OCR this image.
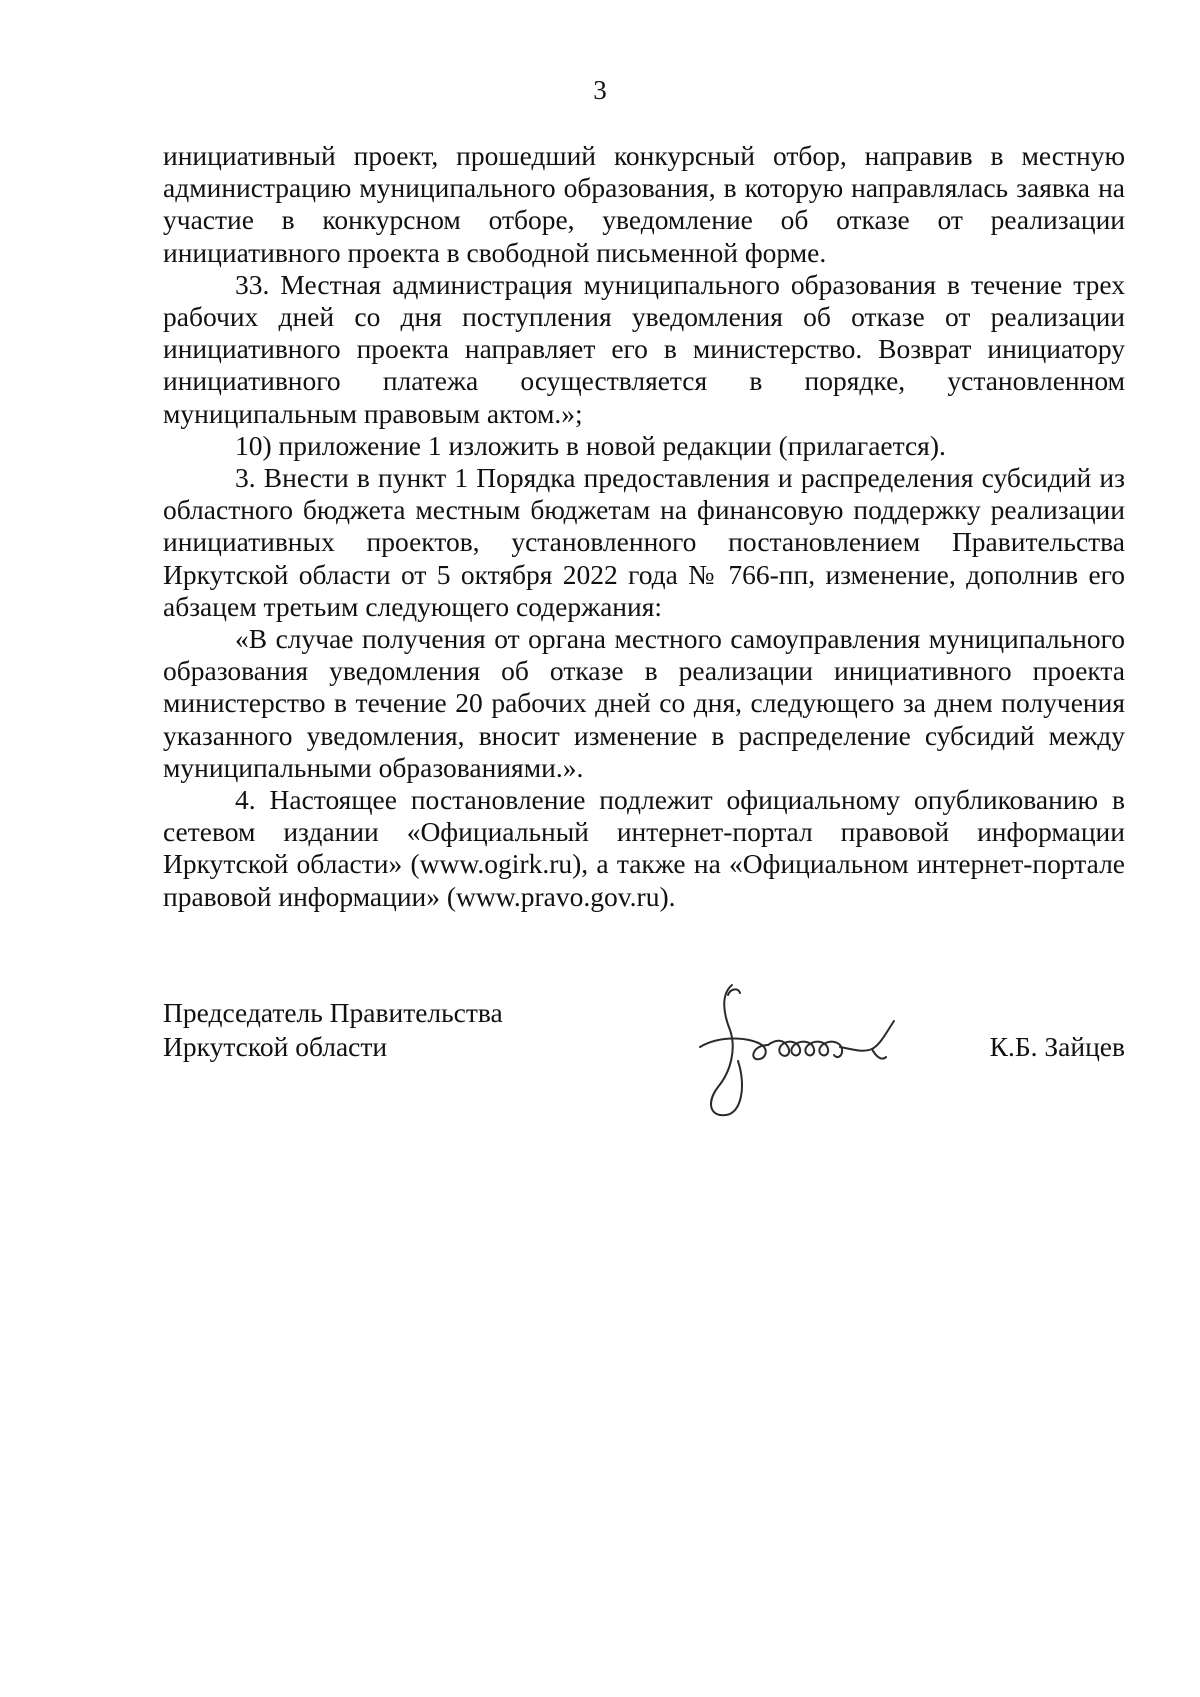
3

инициативный проект, прошедший конкурсный отбор, направив в местную администрацию муниципального образования, в которую направлялась заявка на участие в конкурсном отборе, уведомление об отказе от реализации инициативного проекта в свободной письменной форме.

33. Местная администрация муниципального образования в течение трех рабочих дней со дня поступления уведомления об отказе от реализации инициативного проекта направляет его в министерство. Возврат инициатору инициативного платежа осуществляется в порядке, установленном муниципальным правовым актом.»;

10) приложение 1 изложить в новой редакции (прилагается).

3. Внести в пункт 1 Порядка предоставления и распределения субсидий из областного бюджета местным бюджетам на финансовую поддержку реализации инициативных проектов, установленного постановлением Правительства Иркутской области от 5 октября 2022 года № 766-пп, изменение, дополнив его абзацем третьим следующего содержания:

«В случае получения от органа местного самоуправления муниципального образования уведомления об отказе в реализации инициативного проекта министерство в течение 20 рабочих дней со дня, следующего за днем получения указанного уведомления, вносит изменение в распределение субсидий между муниципальными образованиями.».

4. Настоящее постановление подлежит официальному опубликованию в сетевом издании «Официальный интернет-портал правовой информации Иркутской области» (www.ogirk.ru), а также на «Официальном интернет-портале правовой информации» (www.pravo.gov.ru).

Председатель Правительства
Иркутской области	К.Б. Зайцев
